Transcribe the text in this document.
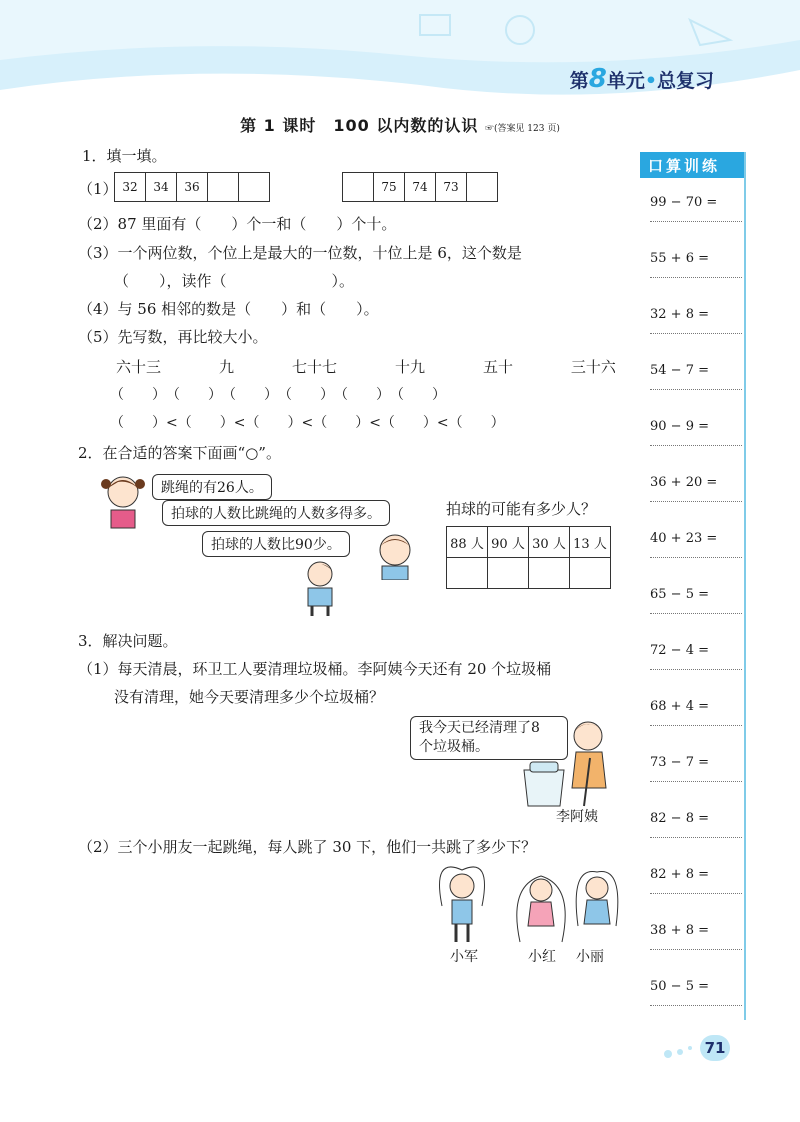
第8单元•总复习
第 1 课时　100 以内数的认识 ☞(答案见 123 页)
1．填一填。
（1） 32	34	36	75	74	73
（2）87 里面有（　　）个一和（　　）个十。
（3）一个两位数，个位上是最大的一位数，十位上是 6，这个数是
（　　），读作（　　　　　　　）。
（4）与 56 相邻的数是（　　）和（　　）。
（5）先写数，再比较大小。
六十三	九	七十七	十九	五十	三十六
（　　）　（　　）　（　　）　（　　）　（　　）　（　　）
（　　）<（　　）<（　　）<（　　）<（　　）<（　　）
2．在合适的答案下面画“○”。
跳绳的有26人。
拍球的人数比跳绳的人数多得多。
拍球的人数比90少。
拍球的可能有多少人？
88 人	90 人	30 人	13 人

3．解决问题。
（1）每天清晨，环卫工人要清理垃圾桶。李阿姨今天还有 20 个垃圾桶
没有清理，她今天要清理多少个垃圾桶？
我今天已经清理了8
个垃圾桶。
李阿姨
（2）三个小朋友一起跳绳，每人跳了 30 下，他们一共跳了多少下？
小军	小红 小丽
口算训练
99 − 70 =
55 + 6 =
32 + 8 =
54 − 7 =
90 − 9 =
36 + 20 =
40 + 23 =
65 − 5 =
72 − 4 =
68 + 4 =
73 − 7 =
82 − 8 =
82 + 8 =
38 + 8 =
50 − 5 =
71
